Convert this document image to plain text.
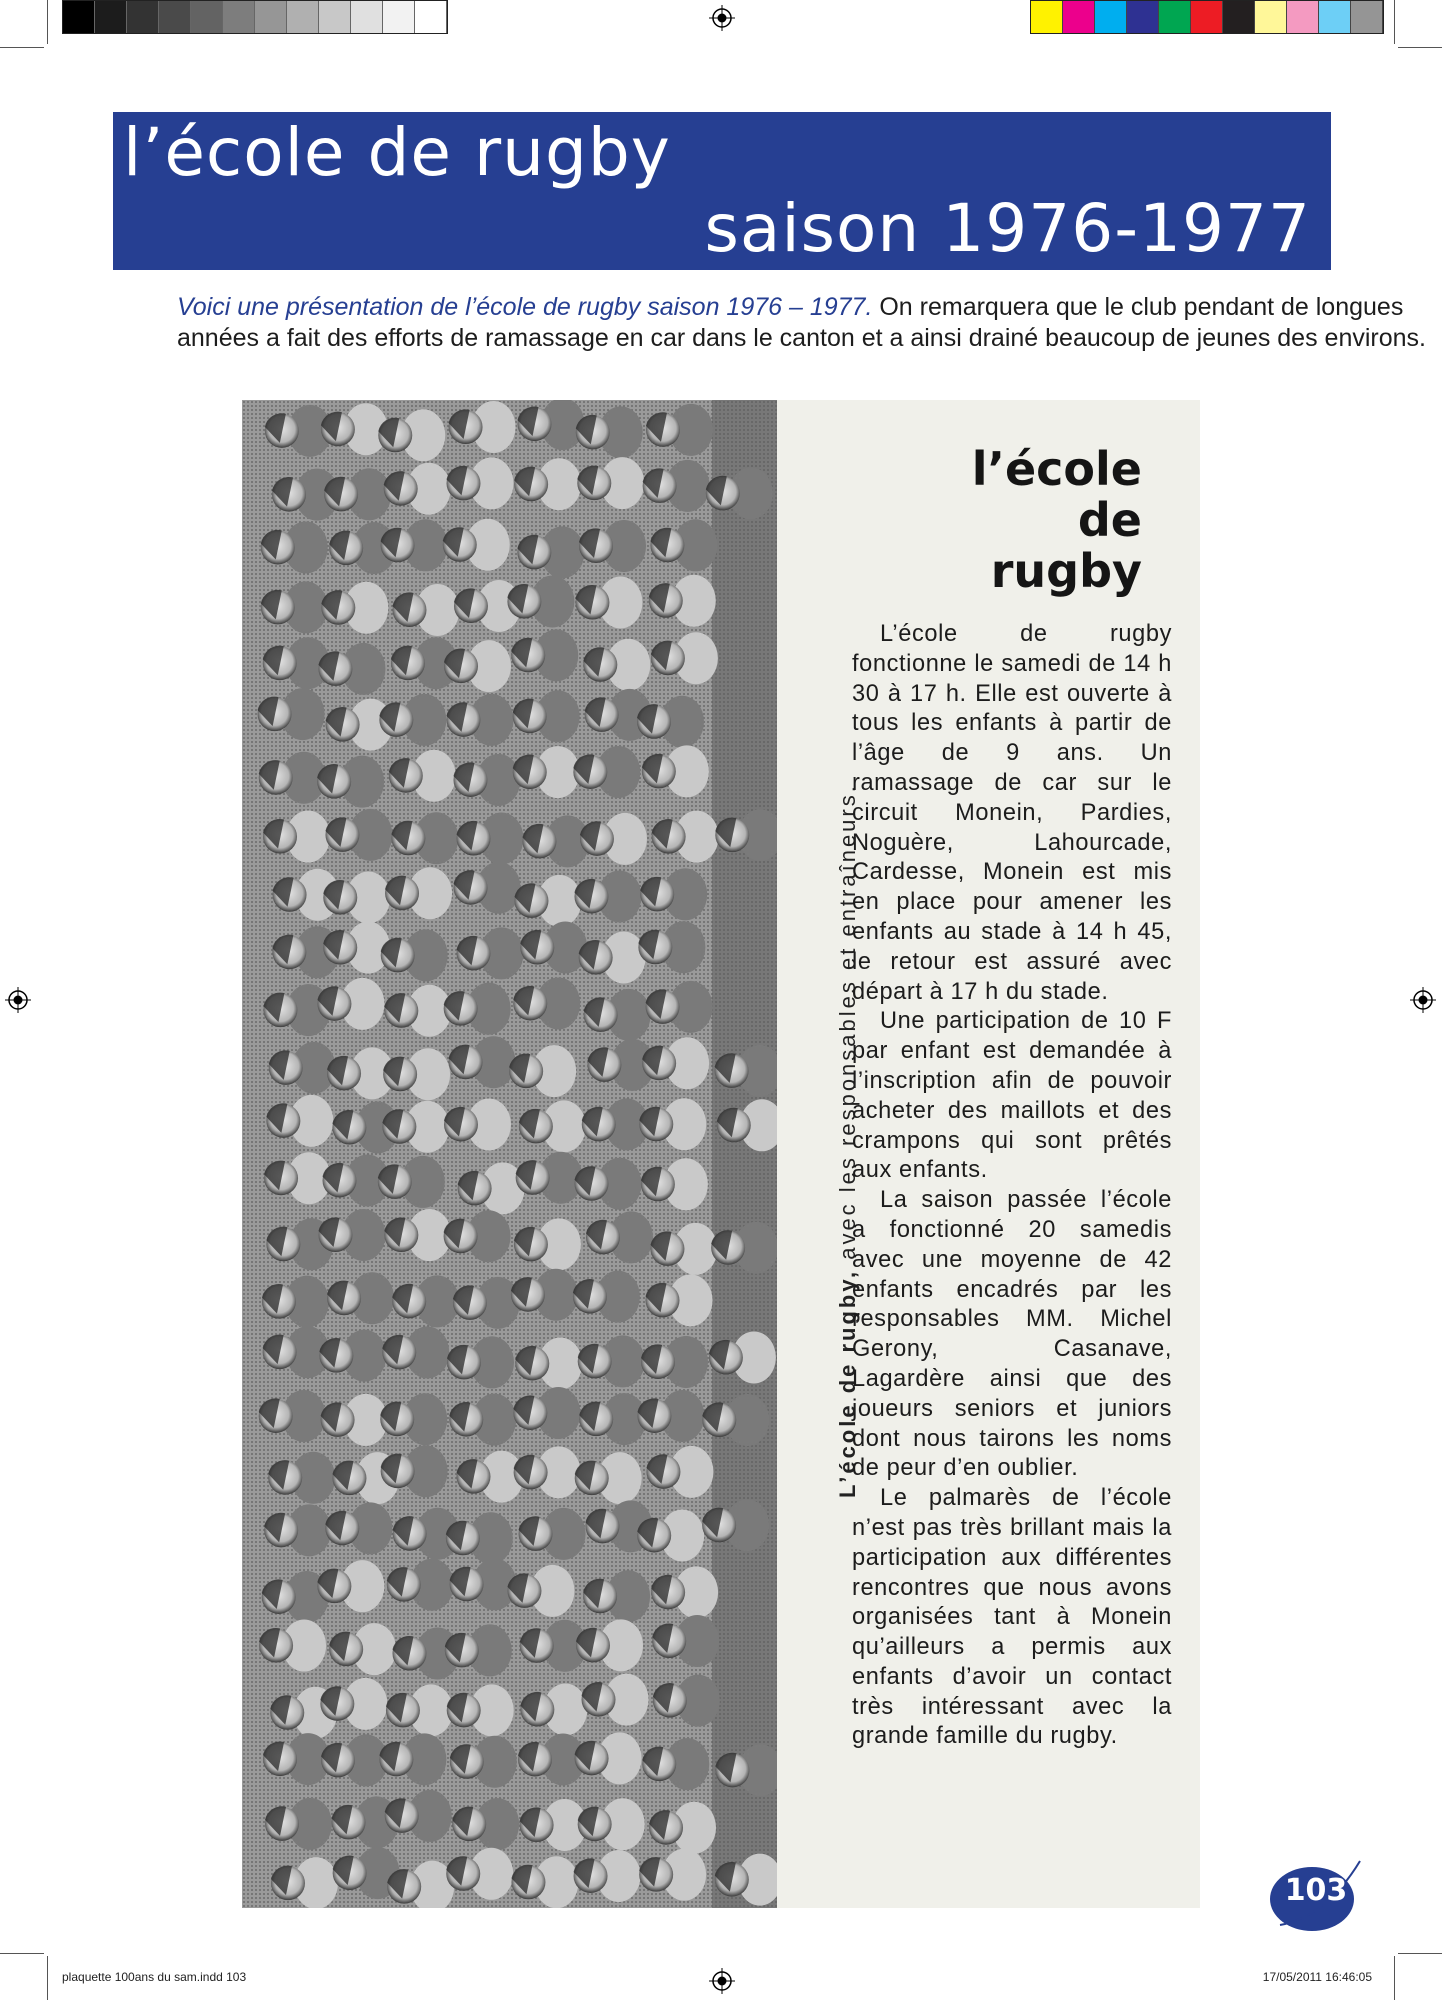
l’école de rugby
saison 1976-1977
Voici une présentation de l’école de rugby saison 1976 – 1977. On remarquera que le club pendant de longues années a fait des efforts de ramassage en car dans le canton et a ainsi drainé beaucoup de jeunes des environs.
L’école de rugby, avec les responsables et entraîneurs.
l’école
de
rugby

L’école de rugby fonctionne le samedi de 14 h 30 à 17 h. Elle est ouverte à tous les enfants à partir de l’âge de 9 ans. Un ramassage de car sur le circuit Monein, Pardies, Noguère, Lahourcade, Cardesse, Monein est mis en place pour amener les enfants au stade à 14 h 45, le retour est assuré avec départ à 17 h du stade.

Une participation de 10 F par enfant est demandée à l’inscription afin de pouvoir acheter des maillots et des crampons qui sont prêtés aux enfants.

La saison passée l’école a fonctionné 20 samedis avec une moyenne de 42 enfants encadrés par les responsables MM. Michel Gerony, Casanave, Lagardère ainsi que des joueurs seniors et juniors dont nous tairons les noms de peur d’en oublier.

Le palmarès de l’école n’est pas très brillant mais la participation aux différentes rencontres que nous avons organisées tant à Monein qu’ailleurs a permis aux enfants d’avoir un contact très intéressant avec la grande famille du rugby.

103
plaquette 100ans du sam.indd 103	17/05/2011 16:46:05
